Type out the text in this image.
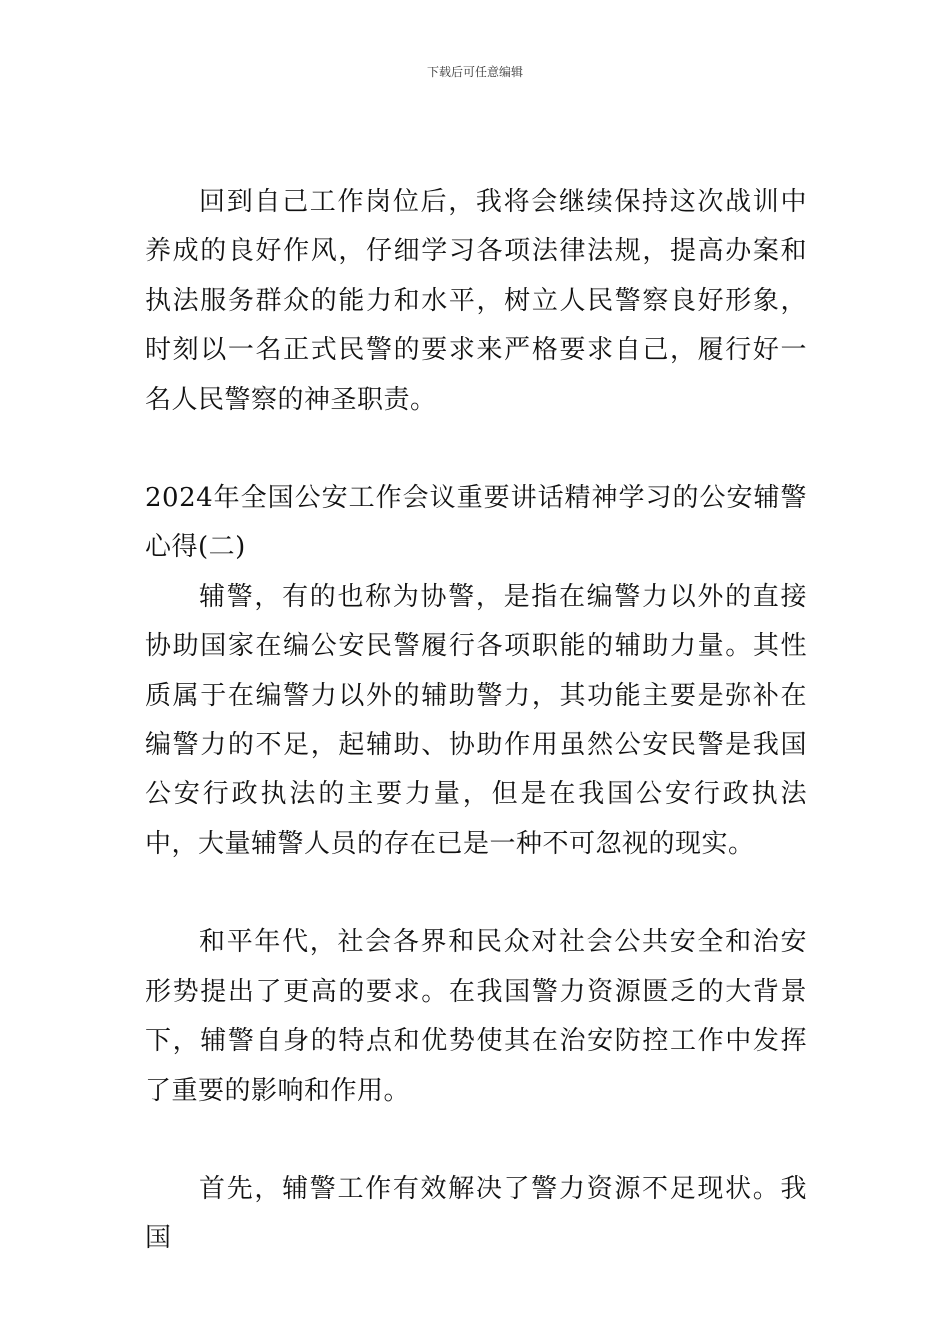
下载后可任意编辑

回到自己工作岗位后，我将会继续保持这次战训中养成的良好作风，仔细学习各项法律法规，提高办案和执法服务群众的能力和水平，树立人民警察良好形象，时刻以一名正式民警的要求来严格要求自己，履行好一名人民警察的神圣职责。

2024年全国公安工作会议重要讲话精神学习的公安辅警心得(二)

辅警，有的也称为协警，是指在编警力以外的直接协助国家在编公安民警履行各项职能的辅助力量。其性质属于在编警力以外的辅助警力，其功能主要是弥补在编警力的不足，起辅助、协助作用虽然公安民警是我国公安行政执法的主要力量，但是在我国公安行政执法中，大量辅警人员的存在已是一种不可忽视的现实。

和平年代，社会各界和民众对社会公共安全和治安形势提出了更高的要求。在我国警力资源匮乏的大背景下，辅警自身的特点和优势使其在治安防控工作中发挥了重要的影响和作用。

首先，辅警工作有效解决了警力资源不足现状。我国
